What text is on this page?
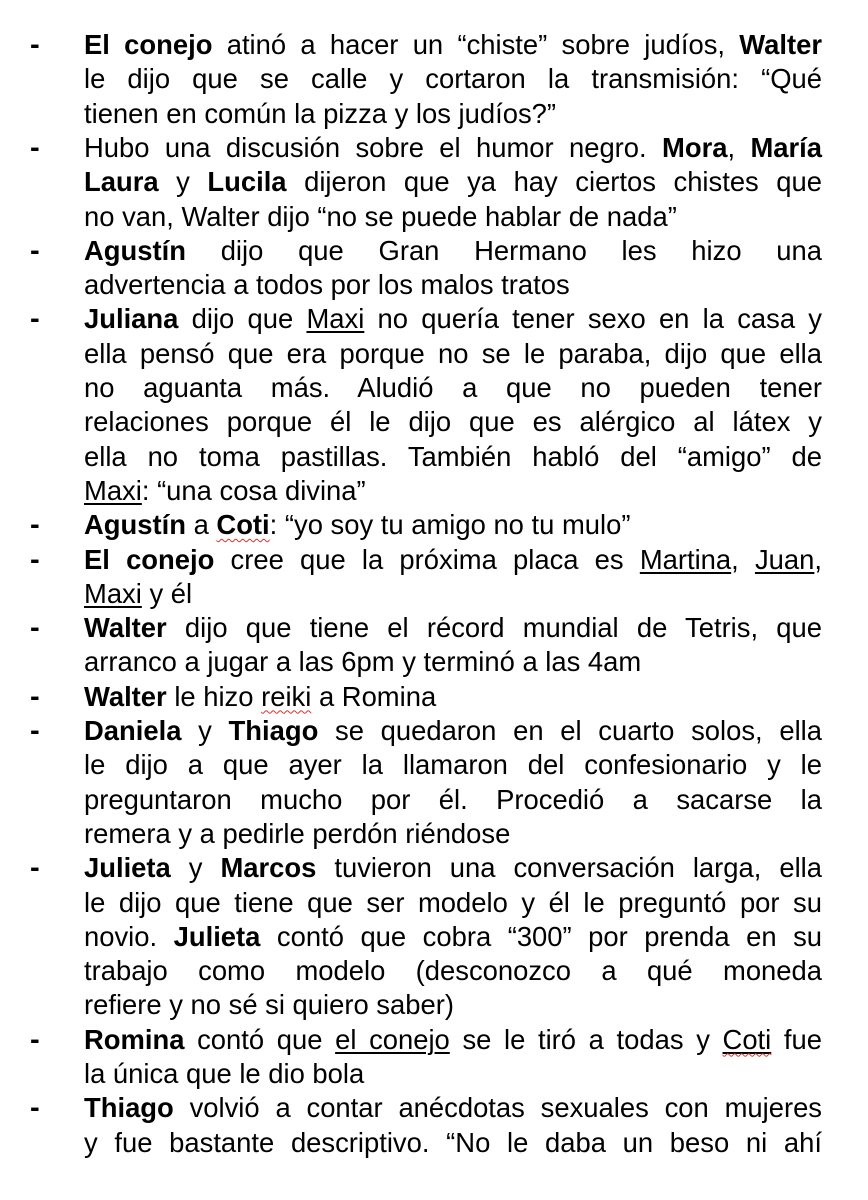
- El conejo atinó a hacer un “chiste” sobre judíos, Walter
le dijo que se calle y cortaron la transmisión: “Qué
tienen en común la pizza y los judíos?”
- Hubo una discusión sobre el humor negro. Mora, María
Laura y Lucila dijeron que ya hay ciertos chistes que
no van, Walter dijo “no se puede hablar de nada”
- Agustín dijo que Gran Hermano les hizo una
advertencia a todos por los malos tratos
- Juliana dijo que Maxi no quería tener sexo en la casa y
ella pensó que era porque no se le paraba, dijo que ella
no aguanta más. Aludió a que no pueden tener
relaciones porque él le dijo que es alérgico al látex y
ella no toma pastillas. También habló del “amigo” de
Maxi: “una cosa divina”
- Agustín a Coti: “yo soy tu amigo no tu mulo”
- El conejo cree que la próxima placa es Martina, Juan,
Maxi y él
- Walter dijo que tiene el récord mundial de Tetris, que
arranco a jugar a las 6pm y terminó a las 4am
- Walter le hizo reiki a Romina
- Daniela y Thiago se quedaron en el cuarto solos, ella
le dijo a que ayer la llamaron del confesionario y le
preguntaron mucho por él. Procedió a sacarse la
remera y a pedirle perdón riéndose
- Julieta y Marcos tuvieron una conversación larga, ella
le dijo que tiene que ser modelo y él le preguntó por su
novio. Julieta contó que cobra “300” por prenda en su
trabajo como modelo (desconozco a qué moneda
refiere y no sé si quiero saber)
- Romina contó que el conejo se le tiró a todas y Coti fue
la única que le dio bola
- Thiago volvió a contar anécdotas sexuales con mujeres
y fue bastante descriptivo. “No le daba un beso ni ahí
